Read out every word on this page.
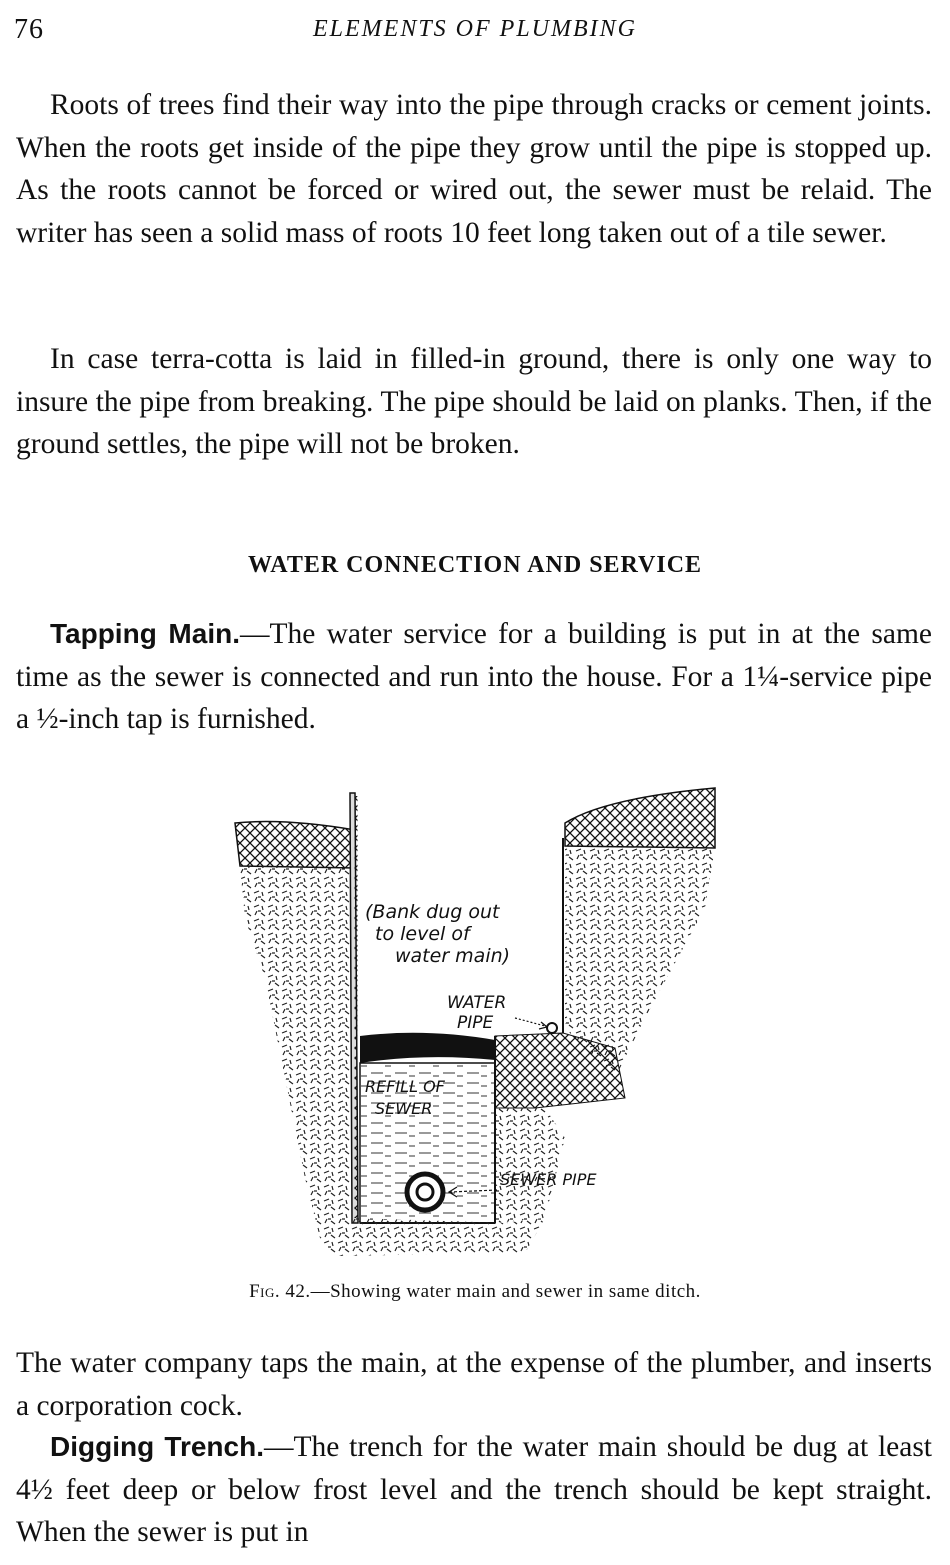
76	ELEMENTS OF PLUMBING

Roots of trees find their way into the pipe through cracks or cement joints. When the roots get inside of the pipe they grow until the pipe is stopped up. As the roots cannot be forced or wired out, the sewer must be relaid. The writer has seen a solid mass of roots 10 feet long taken out of a tile sewer.

In case terra-cotta is laid in filled-in ground, there is only one way to insure the pipe from breaking. The pipe should be laid on planks. Then, if the ground settles, the pipe will not be broken.

WATER CONNECTION AND SERVICE

Tapping Main.—The water service for a building is put in at the same time as the sewer is connected and run into the house. For a 1¼-service pipe a ½-inch tap is furnished.

(Bank dug out
to level of
water main)
WATER
PIPE
REFILL OF
SEWER
SEWER PIPE
Fig. 42.—Showing water main and sewer in same ditch.

The water company taps the main, at the expense of the plumber, and inserts a corporation cock.

Digging Trench.—The trench for the water main should be dug at least 4½ feet deep or below frost level and the trench should be kept straight. When the sewer is put in
